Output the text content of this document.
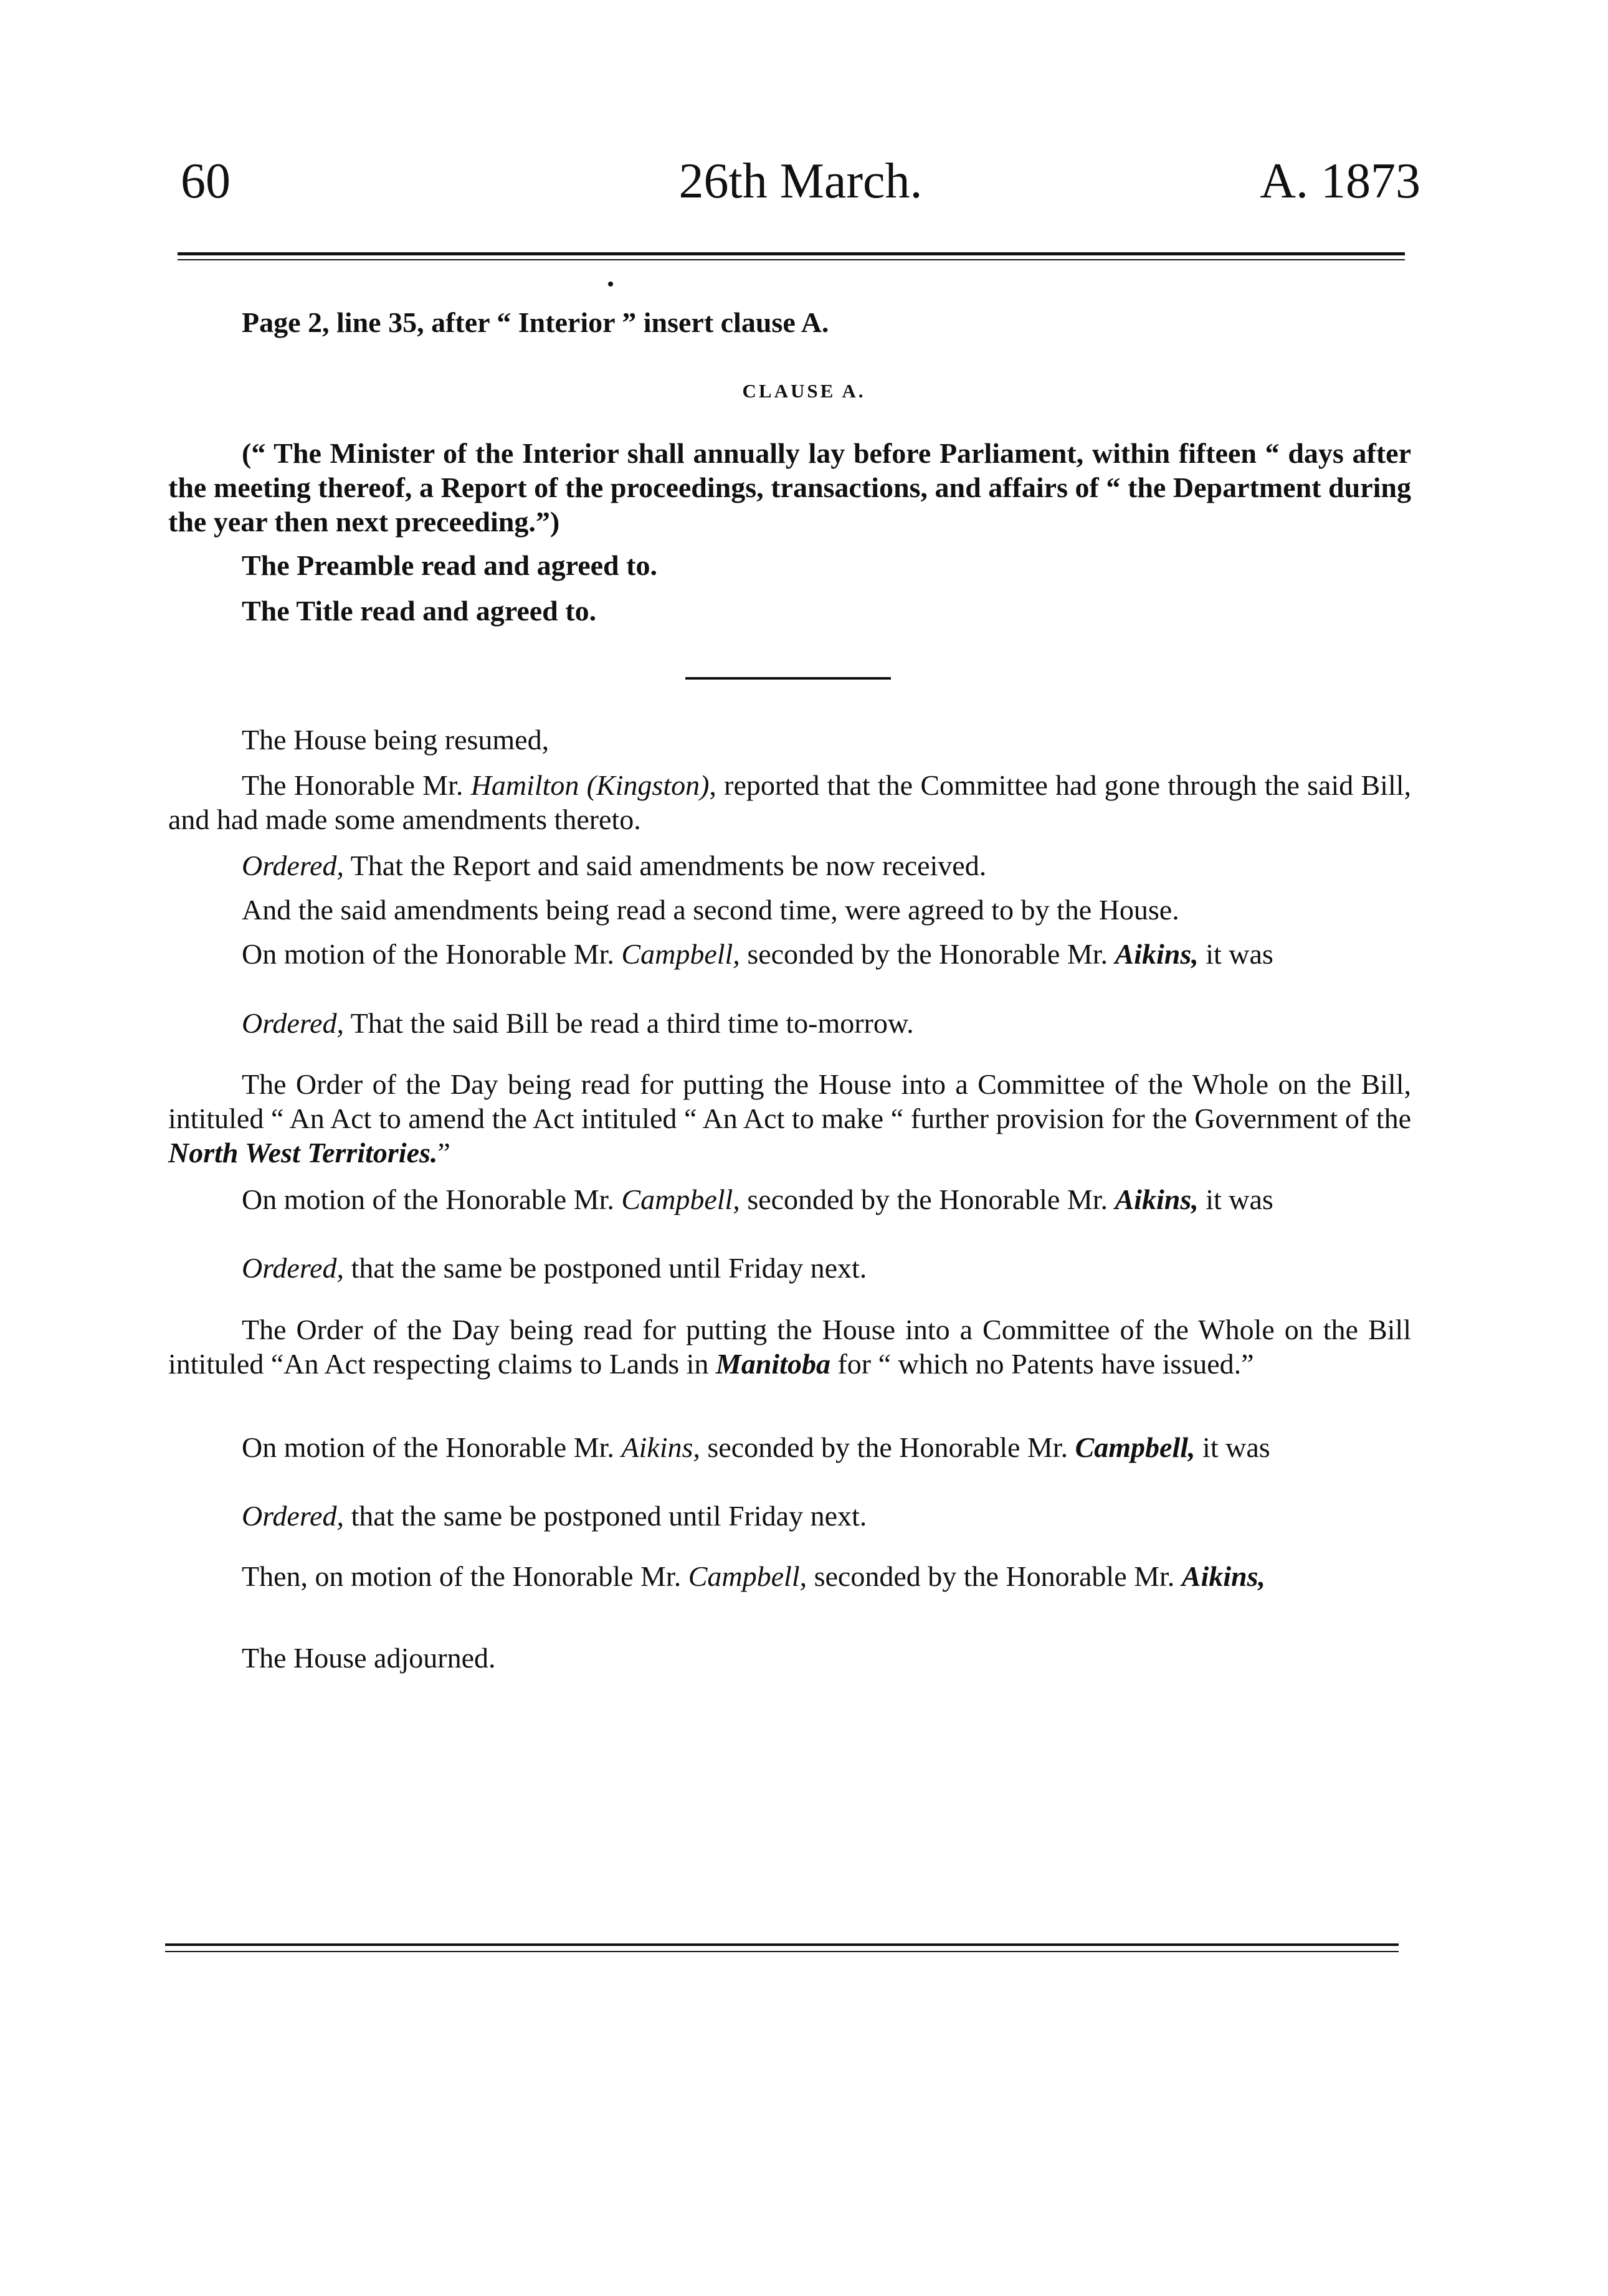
60	26th March.	A. 1873
Page 2, line 35, after “ Interior ” insert clause A.
CLAUSE A.
(“ The Minister of the Interior shall annually lay before Parliament, within fifteen “ days after the meeting thereof, a Report of the proceedings, transactions, and affairs of “ the Department during the year then next preceeding.”)
The Preamble read and agreed to.
The Title read and agreed to.
The House being resumed,
The Honorable Mr. Hamilton (Kingston), reported that the Committee had gone through the said Bill, and had made some amendments thereto.
Ordered, That the Report and said amendments be now received.
And the said amendments being read a second time, were agreed to by the House.
On motion of the Honorable Mr. Campbell, seconded by the Honorable Mr. Aikins, it was
Ordered, That the said Bill be read a third time to-morrow.
The Order of the Day being read for putting the House into a Committee of the Whole on the Bill, intituled “ An Act to amend the Act intituled “ An Act to make “ further provision for the Government of the North West Territories.”
On motion of the Honorable Mr. Campbell, seconded by the Honorable Mr. Aikins, it was
Ordered, that the same be postponed until Friday next.
The Order of the Day being read for putting the House into a Committee of the Whole on the Bill intituled “An Act respecting claims to Lands in Manitoba for “ which no Patents have issued.”
On motion of the Honorable Mr. Aikins, seconded by the Honorable Mr. Campbell, it was
Ordered, that the same be postponed until Friday next.
Then, on motion of the Honorable Mr. Campbell, seconded by the Honorable Mr. Aikins,
The House adjourned.
